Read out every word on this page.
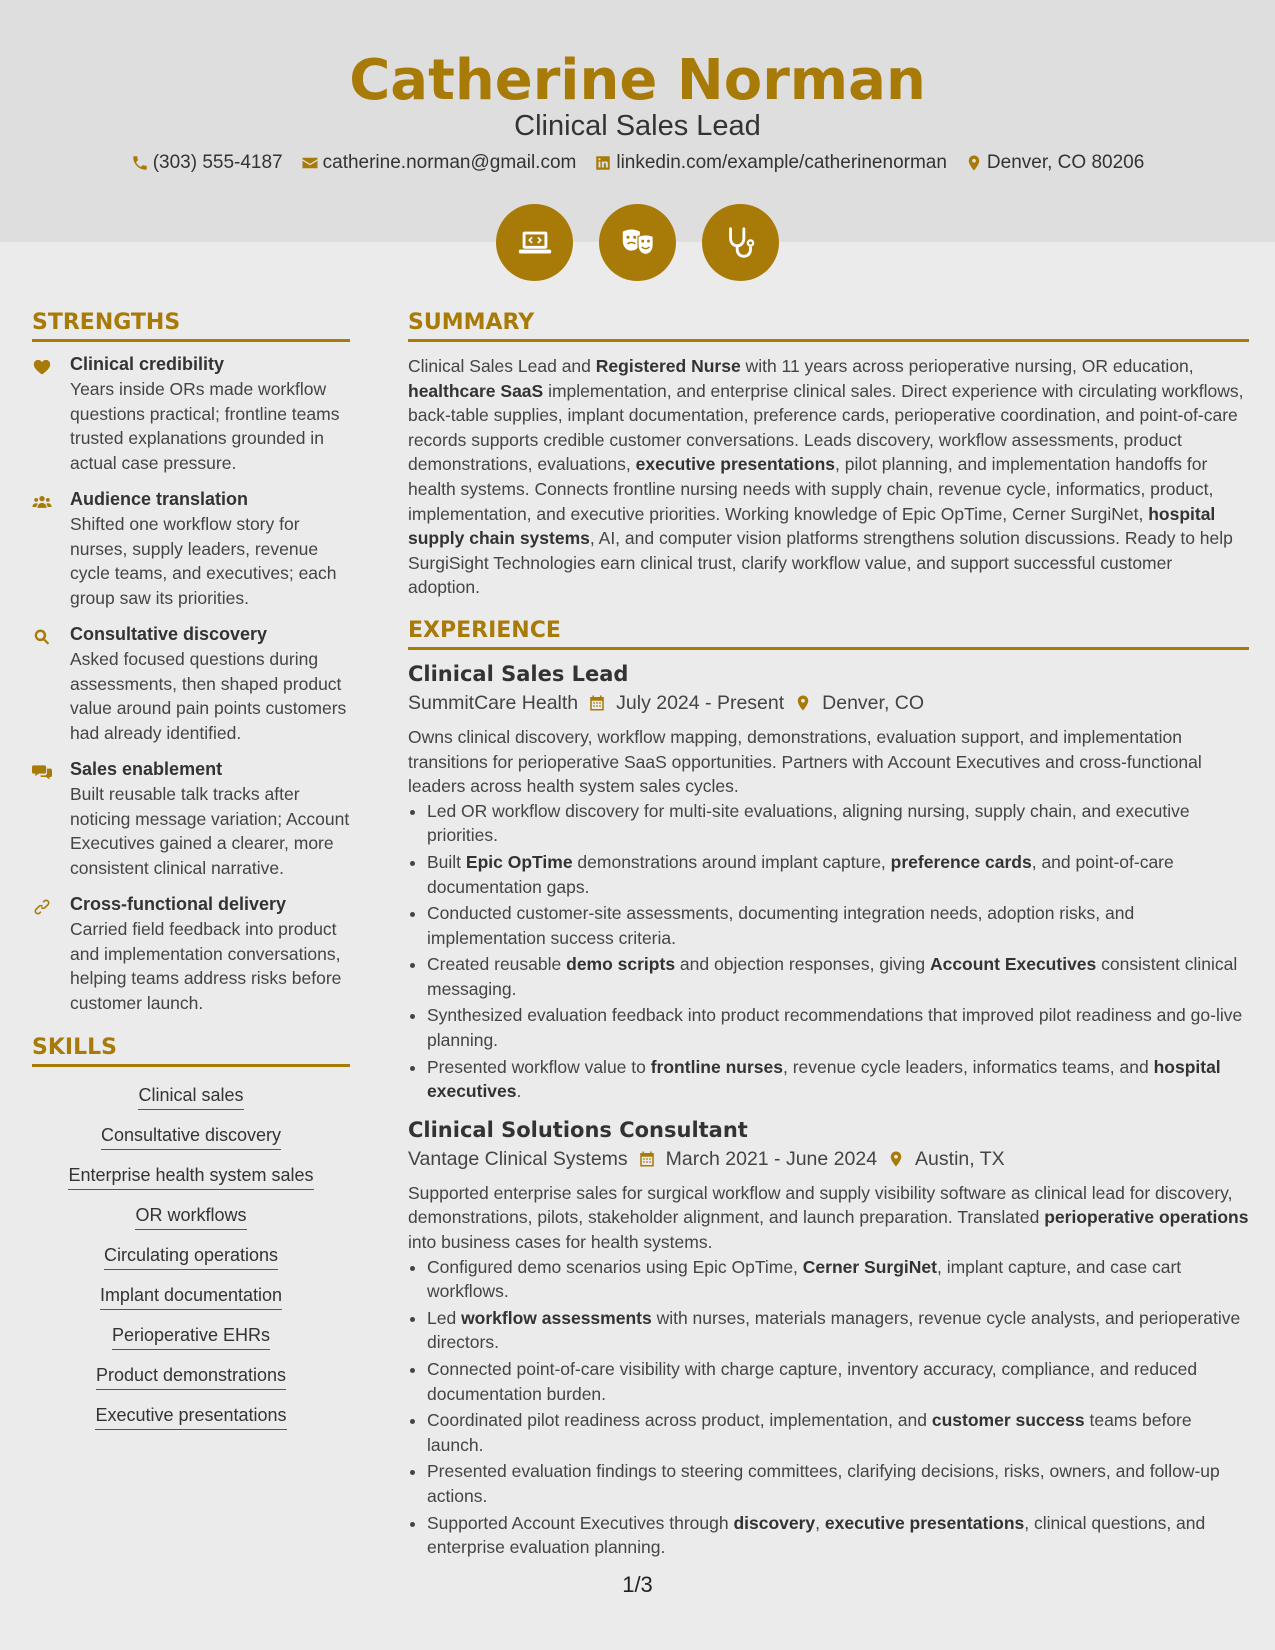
Catherine Norman
Clinical Sales Lead
(303) 555-4187 catherine.norman@gmail.com linkedin.com/example/catherinenorman Denver, CO 80206
STRENGTHS
Clinical credibility
Years inside ORs made workflow questions practical; frontline teams trusted explanations grounded in actual case pressure.
Audience translation
Shifted one workflow story for nurses, supply leaders, revenue cycle teams, and executives; each group saw its priorities.
Consultative discovery
Asked focused questions during assessments, then shaped product value around pain points customers had already identified.
Sales enablement
Built reusable talk tracks after noticing message variation; Account Executives gained a clearer, more consistent clinical narrative.
Cross-functional delivery
Carried field feedback into product and implementation conversations, helping teams address risks before customer launch.
SKILLS
Clinical sales
Consultative discovery
Enterprise health system sales
OR workflows
Circulating operations
Implant documentation
Perioperative EHRs
Product demonstrations
Executive presentations
SUMMARY

Clinical Sales Lead and Registered Nurse with 11 years across perioperative nursing, OR education, healthcare SaaS implementation, and enterprise clinical sales. Direct experience with circulating workflows, back-table supplies, implant documentation, preference cards, perioperative coordination, and point-of-care records supports credible customer conversations. Leads discovery, workflow assessments, product demonstrations, evaluations, executive presentations, pilot planning, and implementation handoffs for health systems. Connects frontline nursing needs with supply chain, revenue cycle, informatics, product, implementation, and executive priorities. Working knowledge of Epic OpTime, Cerner SurgiNet, hospital supply chain systems, AI, and computer vision platforms strengthens solution discussions. Ready to help SurgiSight Technologies earn clinical trust, clarify workflow value, and support successful customer adoption.

EXPERIENCE
Clinical Sales Lead
SummitCare Health July 2024 - Present Denver, CO

Owns clinical discovery, workflow mapping, demonstrations, evaluation support, and implementation transitions for perioperative SaaS opportunities. Partners with Account Executives and cross-functional leaders across health system sales cycles.

• Led OR workflow discovery for multi-site evaluations, aligning nursing, supply chain, and executive priorities.
• Built Epic OpTime demonstrations around implant capture, preference cards, and point-of-care documentation gaps.
• Conducted customer-site assessments, documenting integration needs, adoption risks, and implementation success criteria.
• Created reusable demo scripts and objection responses, giving Account Executives consistent clinical messaging.
• Synthesized evaluation feedback into product recommendations that improved pilot readiness and go-live planning.
• Presented workflow value to frontline nurses, revenue cycle leaders, informatics teams, and hospital executives.
Clinical Solutions Consultant
Vantage Clinical Systems March 2021 - June 2024 Austin, TX

Supported enterprise sales for surgical workflow and supply visibility software as clinical lead for discovery, demonstrations, pilots, stakeholder alignment, and launch preparation. Translated perioperative operations into business cases for health systems.

• Configured demo scenarios using Epic OpTime, Cerner SurgiNet, implant capture, and case cart workflows.
• Led workflow assessments with nurses, materials managers, revenue cycle analysts, and perioperative directors.
• Connected point-of-care visibility with charge capture, inventory accuracy, compliance, and reduced documentation burden.
• Coordinated pilot readiness across product, implementation, and customer success teams before launch.
• Presented evaluation findings to steering committees, clarifying decisions, risks, owners, and follow-up actions.
• Supported Account Executives through discovery, executive presentations, clinical questions, and enterprise evaluation planning.
1/3
